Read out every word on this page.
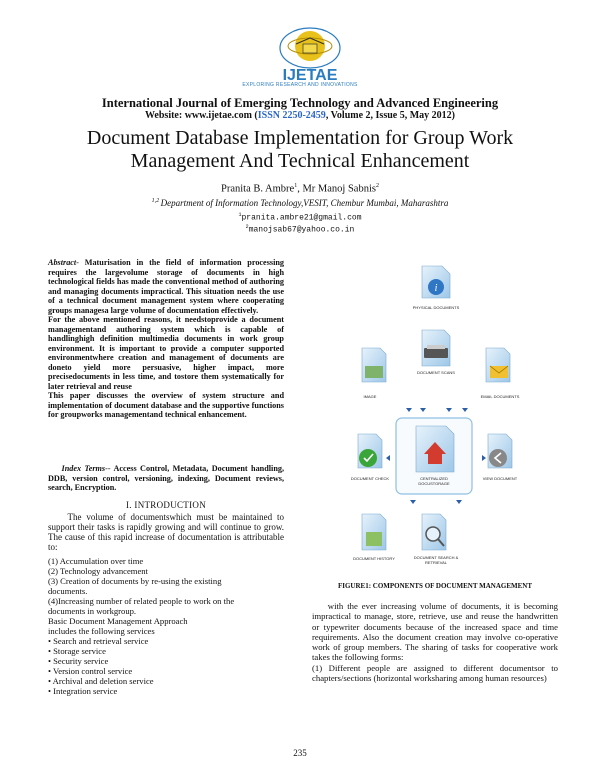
IJETAE
EXPLORING RESEARCH AND INNOVATIONS
International Journal of Emerging Technology and Advanced Engineering
Website: www.ijetae.com (ISSN 2250-2459, Volume 2, Issue 5, May 2012)
Document Database Implementation for Group Work
Management And Technical Enhancement
Pranita B. Ambre$^1$, Mr Manoj Sabnis$^2$
$^{1,2}$ Department of Information Technology,VESIT, Chembur Mumbai, Maharashtra
$^1$pranita.ambre21@gmail.com
$^2$manojsab67@yahoo.co.in

Abstract- Maturisation in the field of information processing requires the largevolume storage of documents in high technological fields has made the conventional method of authoring and managing documents impractical. This situation needs the use of a technical document management system where cooperating groups managesa large volume of documentation effectively.

For the above mentioned reasons, it needstoprovide a document managementand authoring system which is capable of handlinghigh definition multimedia documents in work group environment. It is important to provide a computer supported environmentwhere creation and management of documents are doneto yield more persuasive, higher impact, more precisedocuments in less time, and tostore them systematically for later retrieval and reuse

This paper discusses the overview of system structure and implementation of document database and the supportive functions for groupworks managementand technical enhancement.

Index Terms-- Access Control, Metadata, Document handling, DDB, version control, versioning, indexing, Document reviews, search, Encryption.
I. INTRODUCTION
The volume of documentswhich must be maintained to support their tasks is rapidly growing and will continue to grow. The cause of this rapid increase of documentation is attributable to:
(1) Accumulation over time
(2) Technology advancement
(3) Creation of documents by re-using the existing
documents.
(4)Increasing number of related people to work on the
documents in workgroup.
Basic Document Management Approach
includes the following services
• Search and retrieval service
• Storage service
• Security service
• Version control service
• Archival and deletion service
• Integration service
i
PHYSICAL DOCUMENTS
DOCUMENT SCANS
IMAGE	EMAIL DOCUMENTS
CENTRALIZED
DOCUSTORAGE
DOCUMENT CHECK	VIEW DOCUMENT
DOCUMENT HISTORY	DOCUMENT SEARCH &
RETRIEVAL
FIGURE1: COMPONENTS OF DOCUMENT MANAGEMENT

with the ever increasing volume of documents, it is becoming impractical to manage, store, retrieve, use and reuse the handwritten or typewriter documents because of the increased space and time requirements. Also the document creation may involve co-operative work of group members. The sharing of tasks for cooperative work takes the following forms:

(1) Different people are assigned to different documentsor to chapters/sections (horizontal worksharing among human resources)

235
